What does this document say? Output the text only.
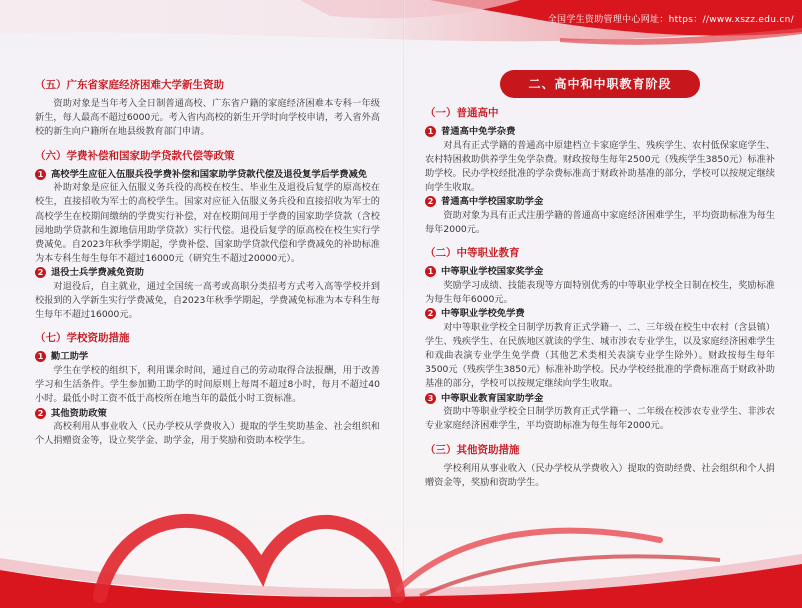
全国学生资助管理中心网址：https：//www.xszz.edu.cn/
（五）广东省家庭经济困难大学新生资助

资助对象是当年考入全日制普通高校、广东省户籍的家庭经济困难本专科一年级新生，每人最高不超过6000元。考入省内高校的新生开学时向学校申请，考入省外高校的新生向户籍所在地县级教育部门申请。

（六）学费补偿和国家助学贷款代偿等政策
1 高校学生应征入伍服兵役学费补偿和国家助学贷款代偿及退役复学后学费减免

补助对象是应征入伍服义务兵役的高校在校生、毕业生及退役后复学的原高校在校生，直接招收为军士的高校学生。国家对应征入伍服义务兵役和直接招收为军士的高校学生在校期间缴纳的学费实行补偿，对在校期间用于学费的国家助学贷款（含校园地助学贷款和生源地信用助学贷款）实行代偿。退役后复学的原高校在校生实行学费减免。自2023年秋季学期起，学费补偿、国家助学贷款代偿和学费减免的补助标准为本专科生每生每年不超过16000元（研究生不超过20000元）。

2 退役士兵学费减免资助

对退役后，自主就业，通过全国统一高考或高职分类招考方式考入高等学校并到校报到的入学新生实行学费减免，自2023年秋季学期起，学费减免标准为本专科生每生每年不超过16000元。

（七）学校资助措施
1 勤工助学

学生在学校的组织下，利用课余时间，通过自己的劳动取得合法报酬，用于改善学习和生活条件。学生参加勤工助学的时间原则上每周不超过8小时，每月不超过40小时。最低小时工资不低于高校所在地当年的最低小时工资标准。

2 其他资助政策

高校利用从事业收入（民办学校从学费收入）提取的学生奖助基金、社会组织和个人捐赠资金等，设立奖学金、助学金，用于奖励和资助本校学生。

二、高中和中职教育阶段
（一）普通高中
1 普通高中免学杂费

对具有正式学籍的普通高中原建档立卡家庭学生、残疾学生、农村低保家庭学生、农村特困救助供养学生免学杂费。财政按每生每年2500元（残疾学生3850元）标准补助学校。民办学校经批准的学杂费标准高于财政补助基准的部分，学校可以按规定继续向学生收取。

2 普通高中学校国家助学金

资助对象为具有正式注册学籍的普通高中家庭经济困难学生，平均资助标准为每生每年2000元。

（二）中等职业教育
1 中等职业学校国家奖学金

奖励学习成绩、技能表现等方面特别优秀的中等职业学校全日制在校生，奖励标准为每生每年6000元。

2 中等职业学校免学费

对中等职业学校全日制学历教育正式学籍一、二、三年级在校生中农村（含县镇）学生、残疾学生、在民族地区就读的学生、城市涉农专业学生，以及家庭经济困难学生和戏曲表演专业学生免学费（其他艺术类相关表演专业学生除外）。财政按每生每年3500元（残疾学生3850元）标准补助学校。民办学校经批准的学费标准高于财政补助基准的部分，学校可以按规定继续向学生收取。

3 中等职业教育国家助学金

资助中等职业学校全日制学历教育正式学籍一、二年级在校涉农专业学生、非涉农专业家庭经济困难学生，平均资助标准为每生每年2000元。

（三）其他资助措施

学校利用从事业收入（民办学校从学费收入）提取的资助经费、社会组织和个人捐赠资金等，奖励和资助学生。
